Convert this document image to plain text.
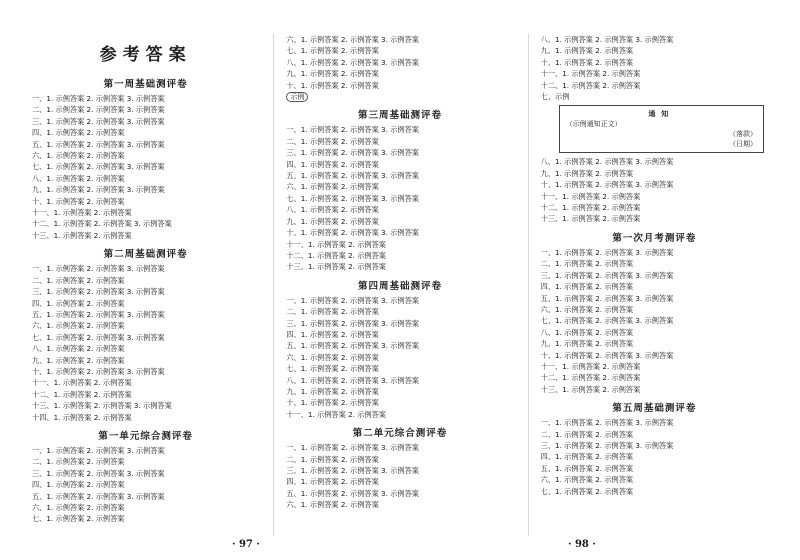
参考答案
第一周基础测评卷
一、1. 示例答案 2. 示例答案 3. 示例答案
二、1. 示例答案 2. 示例答案 3. 示例答案
三、1. 示例答案 2. 示例答案 3. 示例答案
四、1. 示例答案 2. 示例答案
五、1. 示例答案 2. 示例答案 3. 示例答案
六、1. 示例答案 2. 示例答案
七、1. 示例答案 2. 示例答案 3. 示例答案
八、1. 示例答案 2. 示例答案
九、1. 示例答案 2. 示例答案 3. 示例答案
十、1. 示例答案 2. 示例答案
十一、1. 示例答案 2. 示例答案
十二、1. 示例答案 2. 示例答案 3. 示例答案
十三、1. 示例答案 2. 示例答案
第二周基础测评卷
一、1. 示例答案 2. 示例答案 3. 示例答案
二、1. 示例答案 2. 示例答案
三、1. 示例答案 2. 示例答案 3. 示例答案
四、1. 示例答案 2. 示例答案
五、1. 示例答案 2. 示例答案 3. 示例答案
六、1. 示例答案 2. 示例答案
七、1. 示例答案 2. 示例答案 3. 示例答案
八、1. 示例答案 2. 示例答案
九、1. 示例答案 2. 示例答案
十、1. 示例答案 2. 示例答案 3. 示例答案
十一、1. 示例答案 2. 示例答案
十二、1. 示例答案 2. 示例答案
十三、1. 示例答案 2. 示例答案 3. 示例答案
十四、1. 示例答案 2. 示例答案
第一单元综合测评卷
一、1. 示例答案 2. 示例答案 3. 示例答案
二、1. 示例答案 2. 示例答案
三、1. 示例答案 2. 示例答案 3. 示例答案
四、1. 示例答案 2. 示例答案
五、1. 示例答案 2. 示例答案 3. 示例答案
六、1. 示例答案 2. 示例答案
七、1. 示例答案 2. 示例答案
六、1. 示例答案 2. 示例答案 3. 示例答案
七、1. 示例答案 2. 示例答案
八、1. 示例答案 2. 示例答案 3. 示例答案
九、1. 示例答案 2. 示例答案
十、1. 示例答案 2. 示例答案
示例
第三周基础测评卷
一、1. 示例答案 2. 示例答案 3. 示例答案
二、1. 示例答案 2. 示例答案
三、1. 示例答案 2. 示例答案 3. 示例答案
四、1. 示例答案 2. 示例答案
五、1. 示例答案 2. 示例答案 3. 示例答案
六、1. 示例答案 2. 示例答案
七、1. 示例答案 2. 示例答案 3. 示例答案
八、1. 示例答案 2. 示例答案
九、1. 示例答案 2. 示例答案
十、1. 示例答案 2. 示例答案 3. 示例答案
十一、1. 示例答案 2. 示例答案
十二、1. 示例答案 2. 示例答案
十三、1. 示例答案 2. 示例答案
第四周基础测评卷
一、1. 示例答案 2. 示例答案 3. 示例答案
二、1. 示例答案 2. 示例答案
三、1. 示例答案 2. 示例答案 3. 示例答案
四、1. 示例答案 2. 示例答案
五、1. 示例答案 2. 示例答案 3. 示例答案
六、1. 示例答案 2. 示例答案
七、1. 示例答案 2. 示例答案
八、1. 示例答案 2. 示例答案 3. 示例答案
九、1. 示例答案 2. 示例答案
十、1. 示例答案 2. 示例答案
十一、1. 示例答案 2. 示例答案
第二单元综合测评卷
一、1. 示例答案 2. 示例答案 3. 示例答案
二、1. 示例答案 2. 示例答案
三、1. 示例答案 2. 示例答案 3. 示例答案
四、1. 示例答案 2. 示例答案
五、1. 示例答案 2. 示例答案 3. 示例答案
六、1. 示例答案 2. 示例答案
八、1. 示例答案 2. 示例答案 3. 示例答案
九、1. 示例答案 2. 示例答案
十、1. 示例答案 2. 示例答案
十一、1. 示例答案 2. 示例答案
十二、1. 示例答案 2. 示例答案
七、示例
通知
（示例通知正文）
（落款）
（日期）
八、1. 示例答案 2. 示例答案 3. 示例答案
九、1. 示例答案 2. 示例答案
十、1. 示例答案 2. 示例答案 3. 示例答案
十一、1. 示例答案 2. 示例答案
十二、1. 示例答案 2. 示例答案
十三、1. 示例答案 2. 示例答案
第一次月考测评卷
一、1. 示例答案 2. 示例答案 3. 示例答案
二、1. 示例答案 2. 示例答案
三、1. 示例答案 2. 示例答案 3. 示例答案
四、1. 示例答案 2. 示例答案
五、1. 示例答案 2. 示例答案 3. 示例答案
六、1. 示例答案 2. 示例答案
七、1. 示例答案 2. 示例答案 3. 示例答案
八、1. 示例答案 2. 示例答案
九、1. 示例答案 2. 示例答案
十、1. 示例答案 2. 示例答案 3. 示例答案
十一、1. 示例答案 2. 示例答案
十二、1. 示例答案 2. 示例答案
十三、1. 示例答案 2. 示例答案
第五周基础测评卷
一、1. 示例答案 2. 示例答案 3. 示例答案
二、1. 示例答案 2. 示例答案
三、1. 示例答案 2. 示例答案 3. 示例答案
四、1. 示例答案 2. 示例答案
五、1. 示例答案 2. 示例答案
六、1. 示例答案 2. 示例答案
七、1. 示例答案 2. 示例答案
· 97 ·	· 98 ·
